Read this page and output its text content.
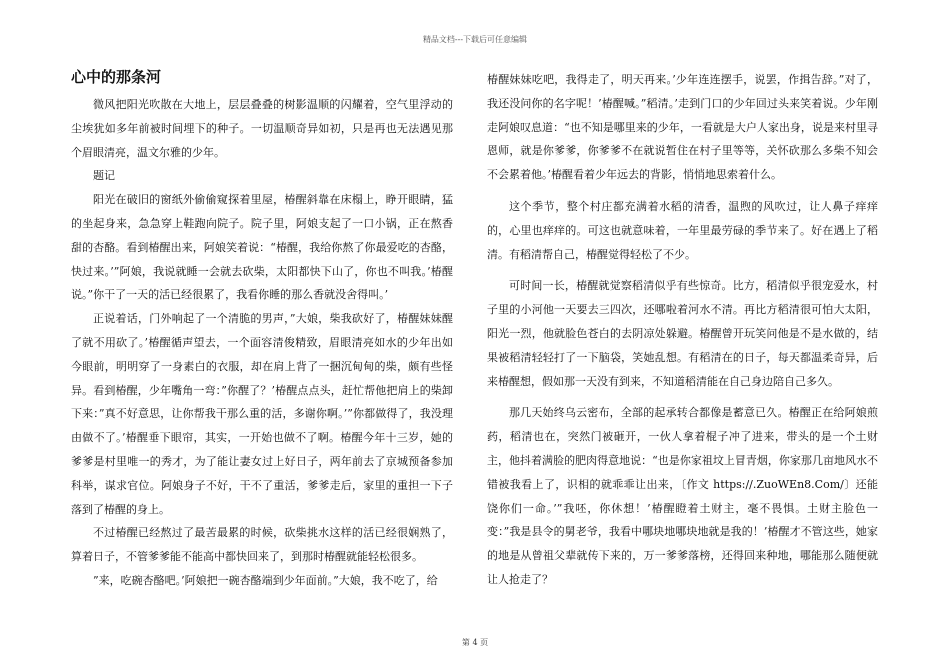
精品文档---下载后可任意编辑
心中的那条河

微风把阳光吹散在大地上，层层叠叠的树影温顺的闪耀着，空气里浮动的尘埃犹如多年前被时间埋下的种子。一切温顺奇异如初，只是再也无法遇见那个眉眼清亮，温文尔雅的少年。

题记

阳光在破旧的窗纸外偷偷窥探着里屋，椿醒斜靠在床榻上，睁开眼睛，猛的坐起身来，急急穿上鞋跑向院子。院子里，阿娘支起了一口小锅，正在熬香甜的杏酪。看到椿醒出来，阿娘笑着说：“椿醒，我给你熬了你最爱吃的杏酪，快过来。’”阿娘，我说就睡一会就去砍柴，太阳都快下山了，你也不叫我。’椿醒说。”你干了一天的活已经很累了，我看你睡的那么香就没舍得叫。’

正说着话，门外响起了一个清脆的男声，”大娘，柴我砍好了，椿醒妹妹醒了就不用砍了。’椿醒循声望去，一个面容清俊精致，眉眼清亮如水的少年出如今眼前，明明穿了一身素白的衣服，却在肩上背了一捆沉甸甸的柴，颇有些怪异。看到椿醒，少年嘴角一弯：”你醒了？’椿醒点点头，赶忙帮他把肩上的柴卸下来：”真不好意思，让你帮我干那么重的活，多谢你啊。’”你都做得了，我没理由做不了。’椿醒垂下眼帘，其实，一开始也做不了啊。椿醒今年十三岁，她的爹爹是村里唯一的秀才，为了能让妻女过上好日子，两年前去了京城预备参加科举，谋求官位。阿娘身子不好，干不了重活，爹爹走后，家里的重担一下子落到了椿醒的身上。

不过椿醒已经熬过了最苦最累的时候，砍柴挑水这样的活已经很娴熟了，算着日子，不管爹爹能不能高中都快回来了，到那时椿醒就能轻松很多。

”来，吃碗杏酪吧。’阿娘把一碗杏酪端到少年面前。”大娘，我不吃了，给

椿醒妹妹吃吧，我得走了，明天再来。’少年连连摆手，说罢，作揖告辞。”对了，我还没问你的名字呢！’椿醒喊。”稻清。’走到门口的少年回过头来笑着说。少年刚走阿娘叹息道：“也不知是哪里来的少年，一看就是大户人家出身，说是来村里寻恩师，就是你爹爹，你爹爹不在就说暂住在村子里等等，关怀砍那么多柴不知会不会累着他。’椿醒看着少年远去的背影，悄悄地思索着什么。

这个季节，整个村庄都充满着水稻的清香，温煦的风吹过，让人鼻子痒痒的，心里也痒痒的。可这也就意味着，一年里最劳碌的季节来了。好在遇上了稻清。有稻清帮自己，椿醒觉得轻松了不少。

可时间一长，椿醒就觉察稻清似乎有些惊奇。比方，稻清似乎很宠爱水，村子里的小河他一天要去三四次，还哪啦着河水不清。再比方稻清很可怕大太阳，阳光一烈，他就脸色苍白的去阴凉处躲避。椿醒曾开玩笑问他是不是水做的，结果被稻清轻轻打了一下脑袋，笑她乱想。有稻清在的日子，每天都温柔奇异，后来椿醒想，假如那一天没有到来，不知道稻清能在自己身边陪自己多久。

那几天始终乌云密布，全部的起承转合都像是蓄意已久。椿醒正在给阿娘煎药，稻清也在，突然门被砸开，一伙人拿着棍子冲了进来，带头的是一个土财主，他抖着满脸的肥肉得意地说：“也是你家祖坟上冒青烟，你家那几亩地风水不错被我看上了，识相的就乖乖让出来，〔作文 https://.ZuoWEn8.Com/〕还能饶你们一命。’”我呸，你休想！’椿醒瞪着土财主，毫不畏惧。土财主脸色一变：”我是县令的舅老爷，我看中哪块地哪块地就是我的！’椿醒才不管这些，她家的地是从曾祖父辈就传下来的，万一爹爹落榜，还得回来种地，哪能那么随便就让人抢走了？

第 4 页
